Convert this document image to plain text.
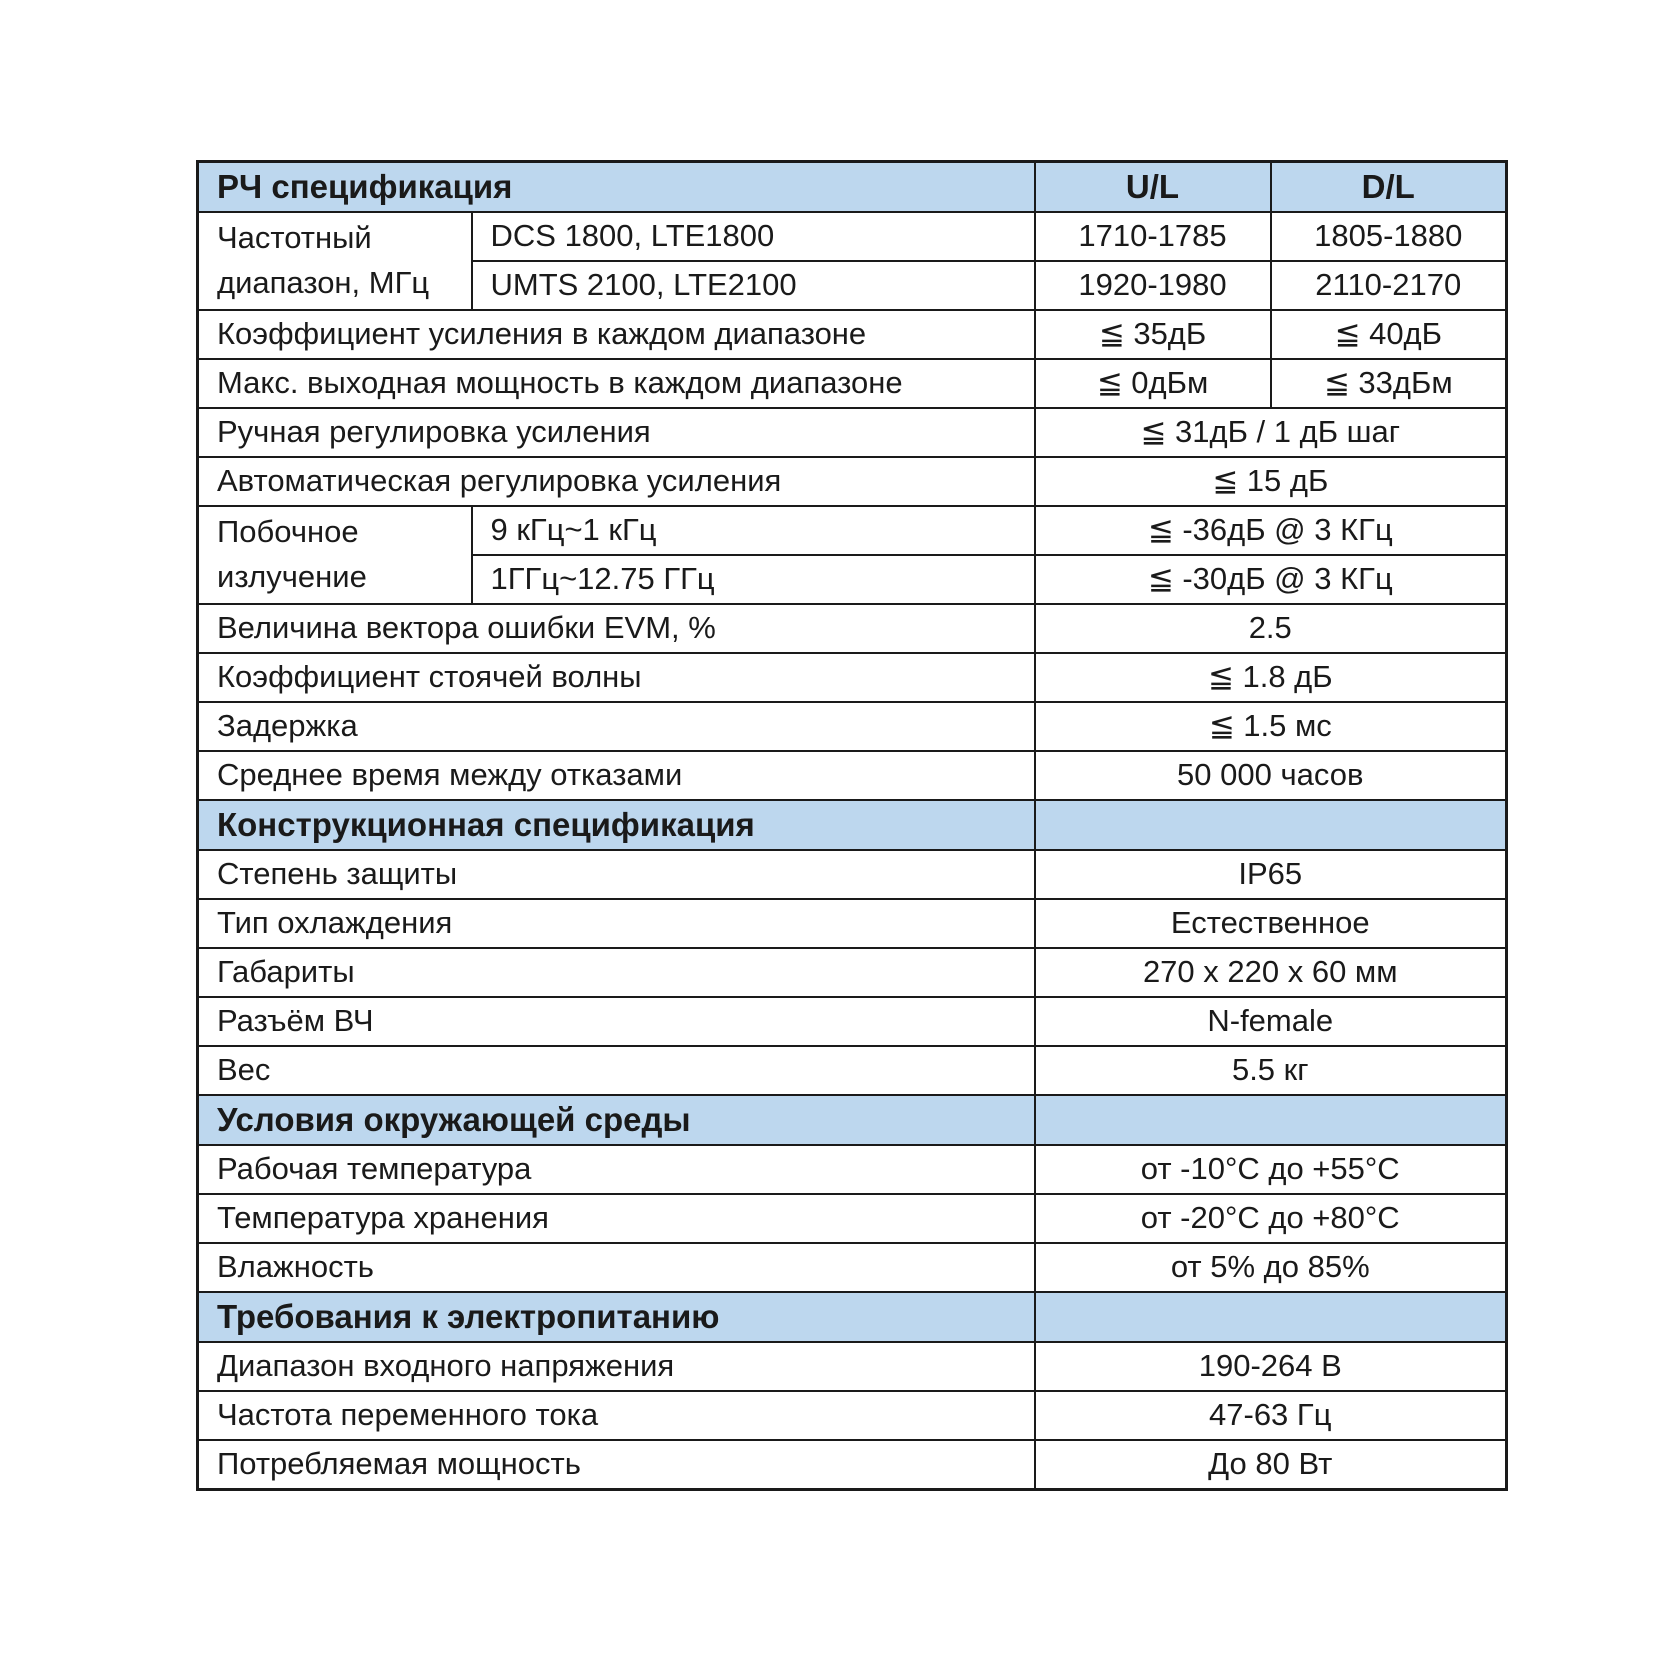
РЧ спецификация		U/L	D/L
Частотный диапазон, МГц	DCS 1800, LTE1800	1710-1785	1805-1880
	UMTS 2100, LTE2100	1920-1980	2110-2170
Коэффициент усиления в каждом диапазоне		≦ 35дБ	≦ 40дБ
Макс. выходная мощность в каждом диапазоне		≦ 0дБм	≦ 33дБм
Ручная регулировка усиления		≦ 31дБ / 1 дБ шаг	
Автоматическая регулировка усиления		≦ 15 дБ	
Побочное излучение	9 кГц~1 кГц	≦ -36дБ @ 3 КГц	
	1ГГц~12.75 ГГц	≦ -30дБ @ 3 КГц	
Величина вектора ошибки EVM, %		2.5	
Коэффициент стоячей волны		≦ 1.8 дБ	
Задержка		≦ 1.5 мс	
Среднее время между отказами		50 000 часов	
Конструкционная спецификация			
Степень защиты		IP65	
Тип охлаждения		Естественное	
Габариты		270 x 220 x 60 мм	
Разъём ВЧ		N-female	
Вес		5.5 кг	
Условия окружающей среды			
Рабочая температура		от -10°C до +55°C	
Температура хранения		от -20°C до +80°C	
Влажность		от 5% до 85%	
Требования к электропитанию			
Диапазон входного напряжения		190-264 В	
Частота переменного тока		47-63 Гц	
Потребляемая мощность		До 80 Вт	
